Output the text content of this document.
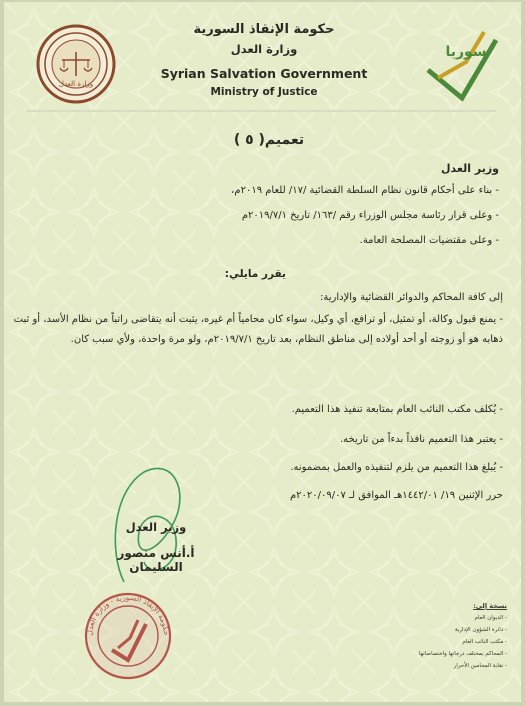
وزارة العدل
سوريا
حكومة الإنقاذ السورية
وزارة العدل
Syrian Salvation Government
Ministry of Justice
تعميم( ٥ )
وزير العدل
- بناء على أحكام قانون نظام السلطة القضائية /١٧/ للعام ٢٠١٩م،
- وعلى قرار رئاسة مجلس الوزراء رقم /١٦٣/ تاريخ ٢٠١٩/٧/١م
- وعلى مقتضيات المصلحة العامة.
يقرر مايلي:
إلى كافة المحاكم والدوائر القضائية والإدارية:
- يمنع قبول وكالة، أو تمثيل، أو ترافع، أي وكيل، سواء كان محامياً أم غيره، يثبت أنه يتقاضى راتباً من نظام الأسد، أو ثبت ذهابه هو أو زوجته أو أحد أولاده إلى مناطق النظام، بعد تاريخ ٢٠١٩/٧/١م، ولو مرة واحدة، ولأي سبب كان.
- يُكلف مكتب النائب العام بمتابعة تنفيذ هذا التعميم.
- يعتبر هذا التعميم نافذاً بدءاً من تاريخه.
- يُبلغ هذا التعميم من يلزم لتنفيذه والعمل بمضمونه.
حرر الإثنين ١٩/ ١٤٤٢/٠١هـ الموافق لـ ٢٠٢٠/٠٩/٠٧م
وزير العدل
أ.أنس منصور السليمان
حكومة الإنقاذ السورية - وزارة العدل
نسخة إلى:
- الديوان العام
- دائرة الشؤون الإدارية
- مكتب النائب العام
- المحاكم بمختلف درجاتها واختصاصاتها
- نقابة المحامين الأحرار
